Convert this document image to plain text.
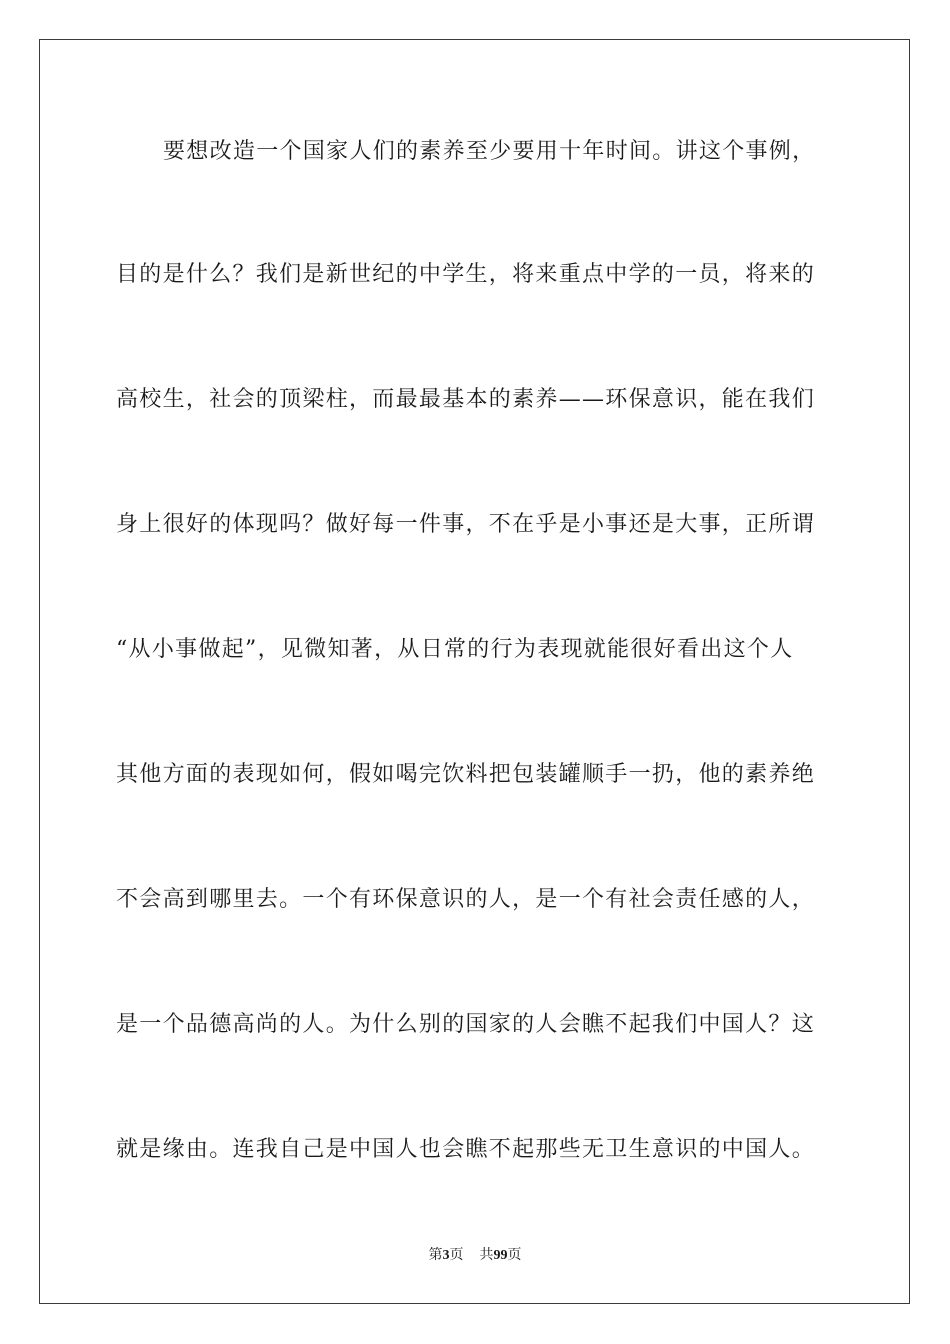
要想改造一个国家人们的素养至少要用十年时间。讲这个事例，
目的是什么？我们是新世纪的中学生，将来重点中学的一员，将来的
高校生，社会的顶梁柱，而最最基本的素养——环保意识，能在我们
身上很好的体现吗？做好每一件事，不在乎是小事还是大事，正所谓
“从小事做起”，见微知著，从日常的行为表现就能很好看出这个人
其他方面的表现如何，假如喝完饮料把包装罐顺手一扔，他的素养绝
不会高到哪里去。一个有环保意识的人，是一个有社会责任感的人，
是一个品德高尚的人。为什么别的国家的人会瞧不起我们中国人？这
就是缘由。连我自己是中国人也会瞧不起那些无卫生意识的中国人。
第3页 共99页
